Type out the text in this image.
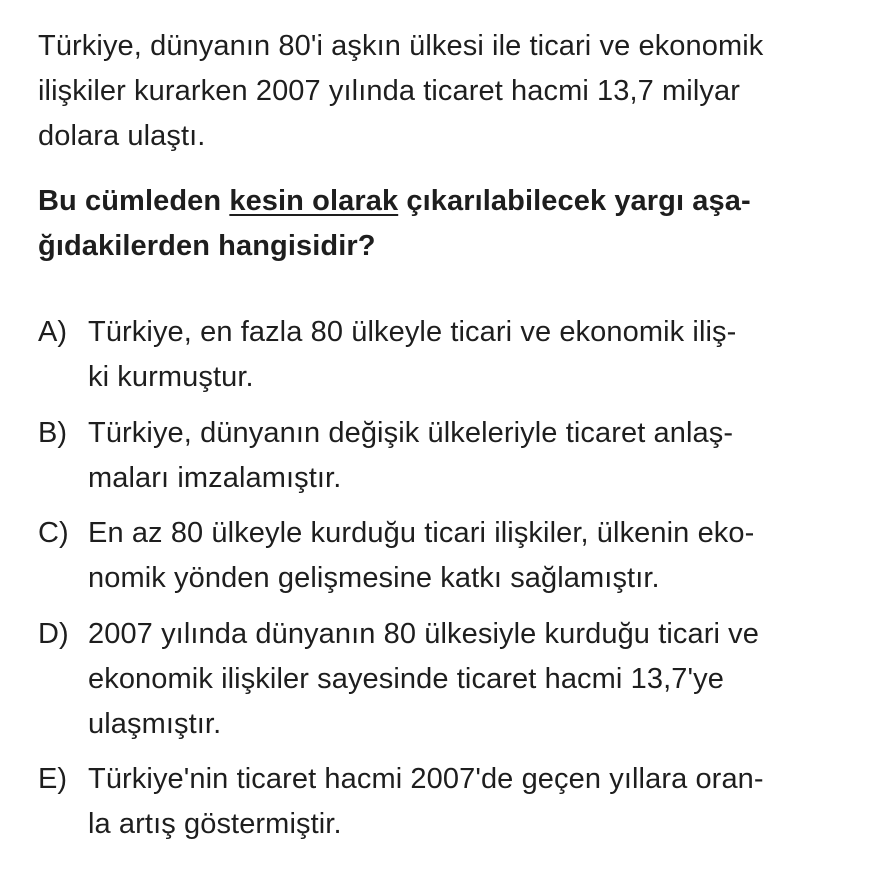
Türkiye, dünyanın 80'i aşkın ülkesi ile ticari ve ekonomik
ilişkiler kurarken 2007 yılında ticaret hacmi 13,7 milyar
dolara ulaştı.
Bu cümleden kesin olarak çıkarılabilecek yargı aşa-
ğıdakilerden hangisidir?
A) Türkiye, en fazla 80 ülkeyle ticari ve ekonomik iliş-
ki kurmuştur.
B) Türkiye, dünyanın değişik ülkeleriyle ticaret anlaş-
maları imzalamıştır.
C) En az 80 ülkeyle kurduğu ticari ilişkiler, ülkenin eko-
nomik yönden gelişmesine katkı sağlamıştır.
D) 2007 yılında dünyanın 80 ülkesiyle kurduğu ticari ve
ekonomik ilişkiler sayesinde ticaret hacmi 13,7'ye
ulaşmıştır.
E) Türkiye'nin ticaret hacmi 2007'de geçen yıllara oran-
la artış göstermiştir.
